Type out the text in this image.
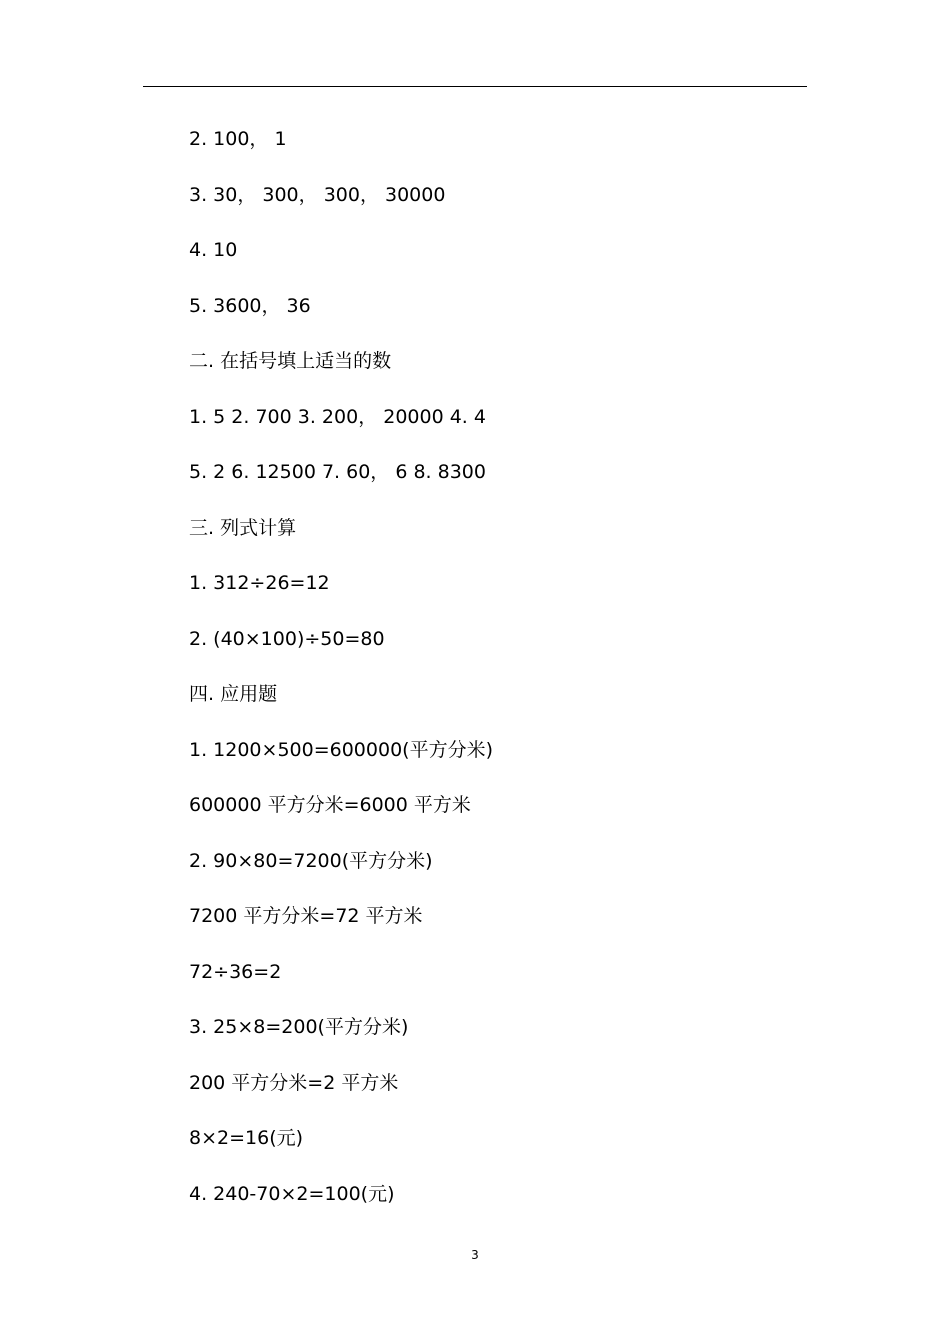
2. 100， 1
3. 30， 300， 300， 30000
4. 10
5. 3600， 36
二. 在括号填上适当的数
1. 5 2. 700 3. 200， 20000 4. 4
5. 2 6. 12500 7. 60， 6 8. 8300
三. 列式计算
1. 312÷26=12
2. (40×100)÷50=80
四. 应用题
1. 1200×500=600000(平方分米)
600000 平方分米=6000 平方米
2. 90×80=7200(平方分米)
7200 平方分米=72 平方米
72÷36=2
3. 25×8=200(平方分米)
200 平方分米=2 平方米
8×2=16(元)
4. 240-70×2=100(元)
3
